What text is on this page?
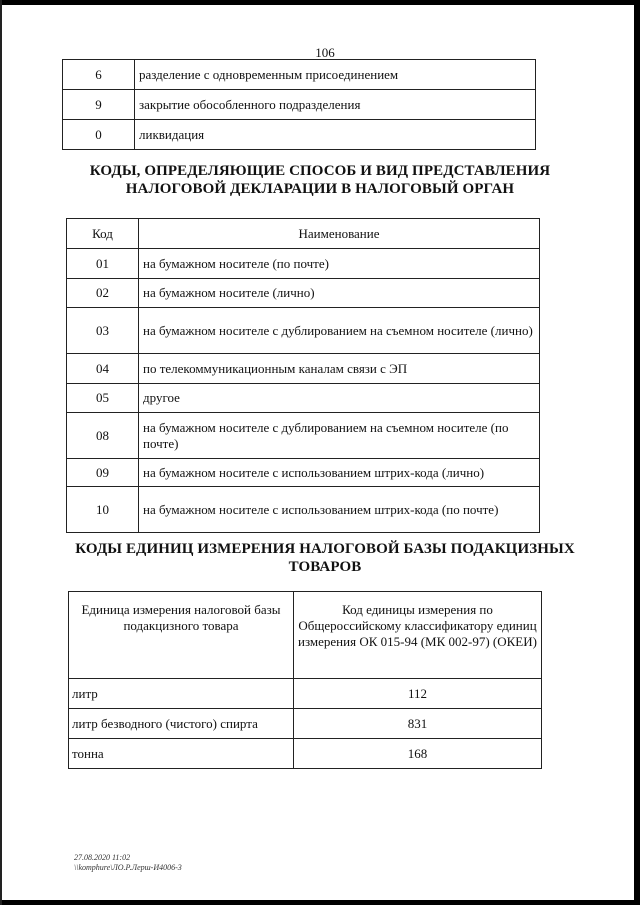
106
6	разделение с одновременным присоединением
9	закрытие обособленного подразделения
0	ликвидация
КОДЫ, ОПРЕДЕЛЯЮЩИЕ СПОСОБ И ВИД ПРЕДСТАВЛЕНИЯ
НАЛОГОВОЙ ДЕКЛАРАЦИИ В НАЛОГОВЫЙ ОРГАН
Код	Наименование
01	на бумажном носителе (по почте)
02	на бумажном носителе (лично)
03	на бумажном носителе с дублированием на съемном носителе (лично)
04	по телекоммуникационным каналам связи с ЭП
05	другое
08	на бумажном носителе с дублированием на съемном носителе (по почте)
09	на бумажном носителе с использованием штрих-кода (лично)
10	на бумажном носителе с использованием штрих-кода (по почте)
КОДЫ ЕДИНИЦ ИЗМЕРЕНИЯ НАЛОГОВОЙ БАЗЫ ПОДАКЦИЗНЫХ
ТОВАРОВ
Единица измерения налоговой базы подакцизного товара	Код единицы измерения по Общероссийскому классификатору единиц измерения ОК 015-94 (МК 002-97) (ОКЕИ)
литр	112
литр безводного (чистого) спирта	831
тонна	168
27.08.2020 11:02
\\komphure\ЛО.Р.Лерш-И4006-3
